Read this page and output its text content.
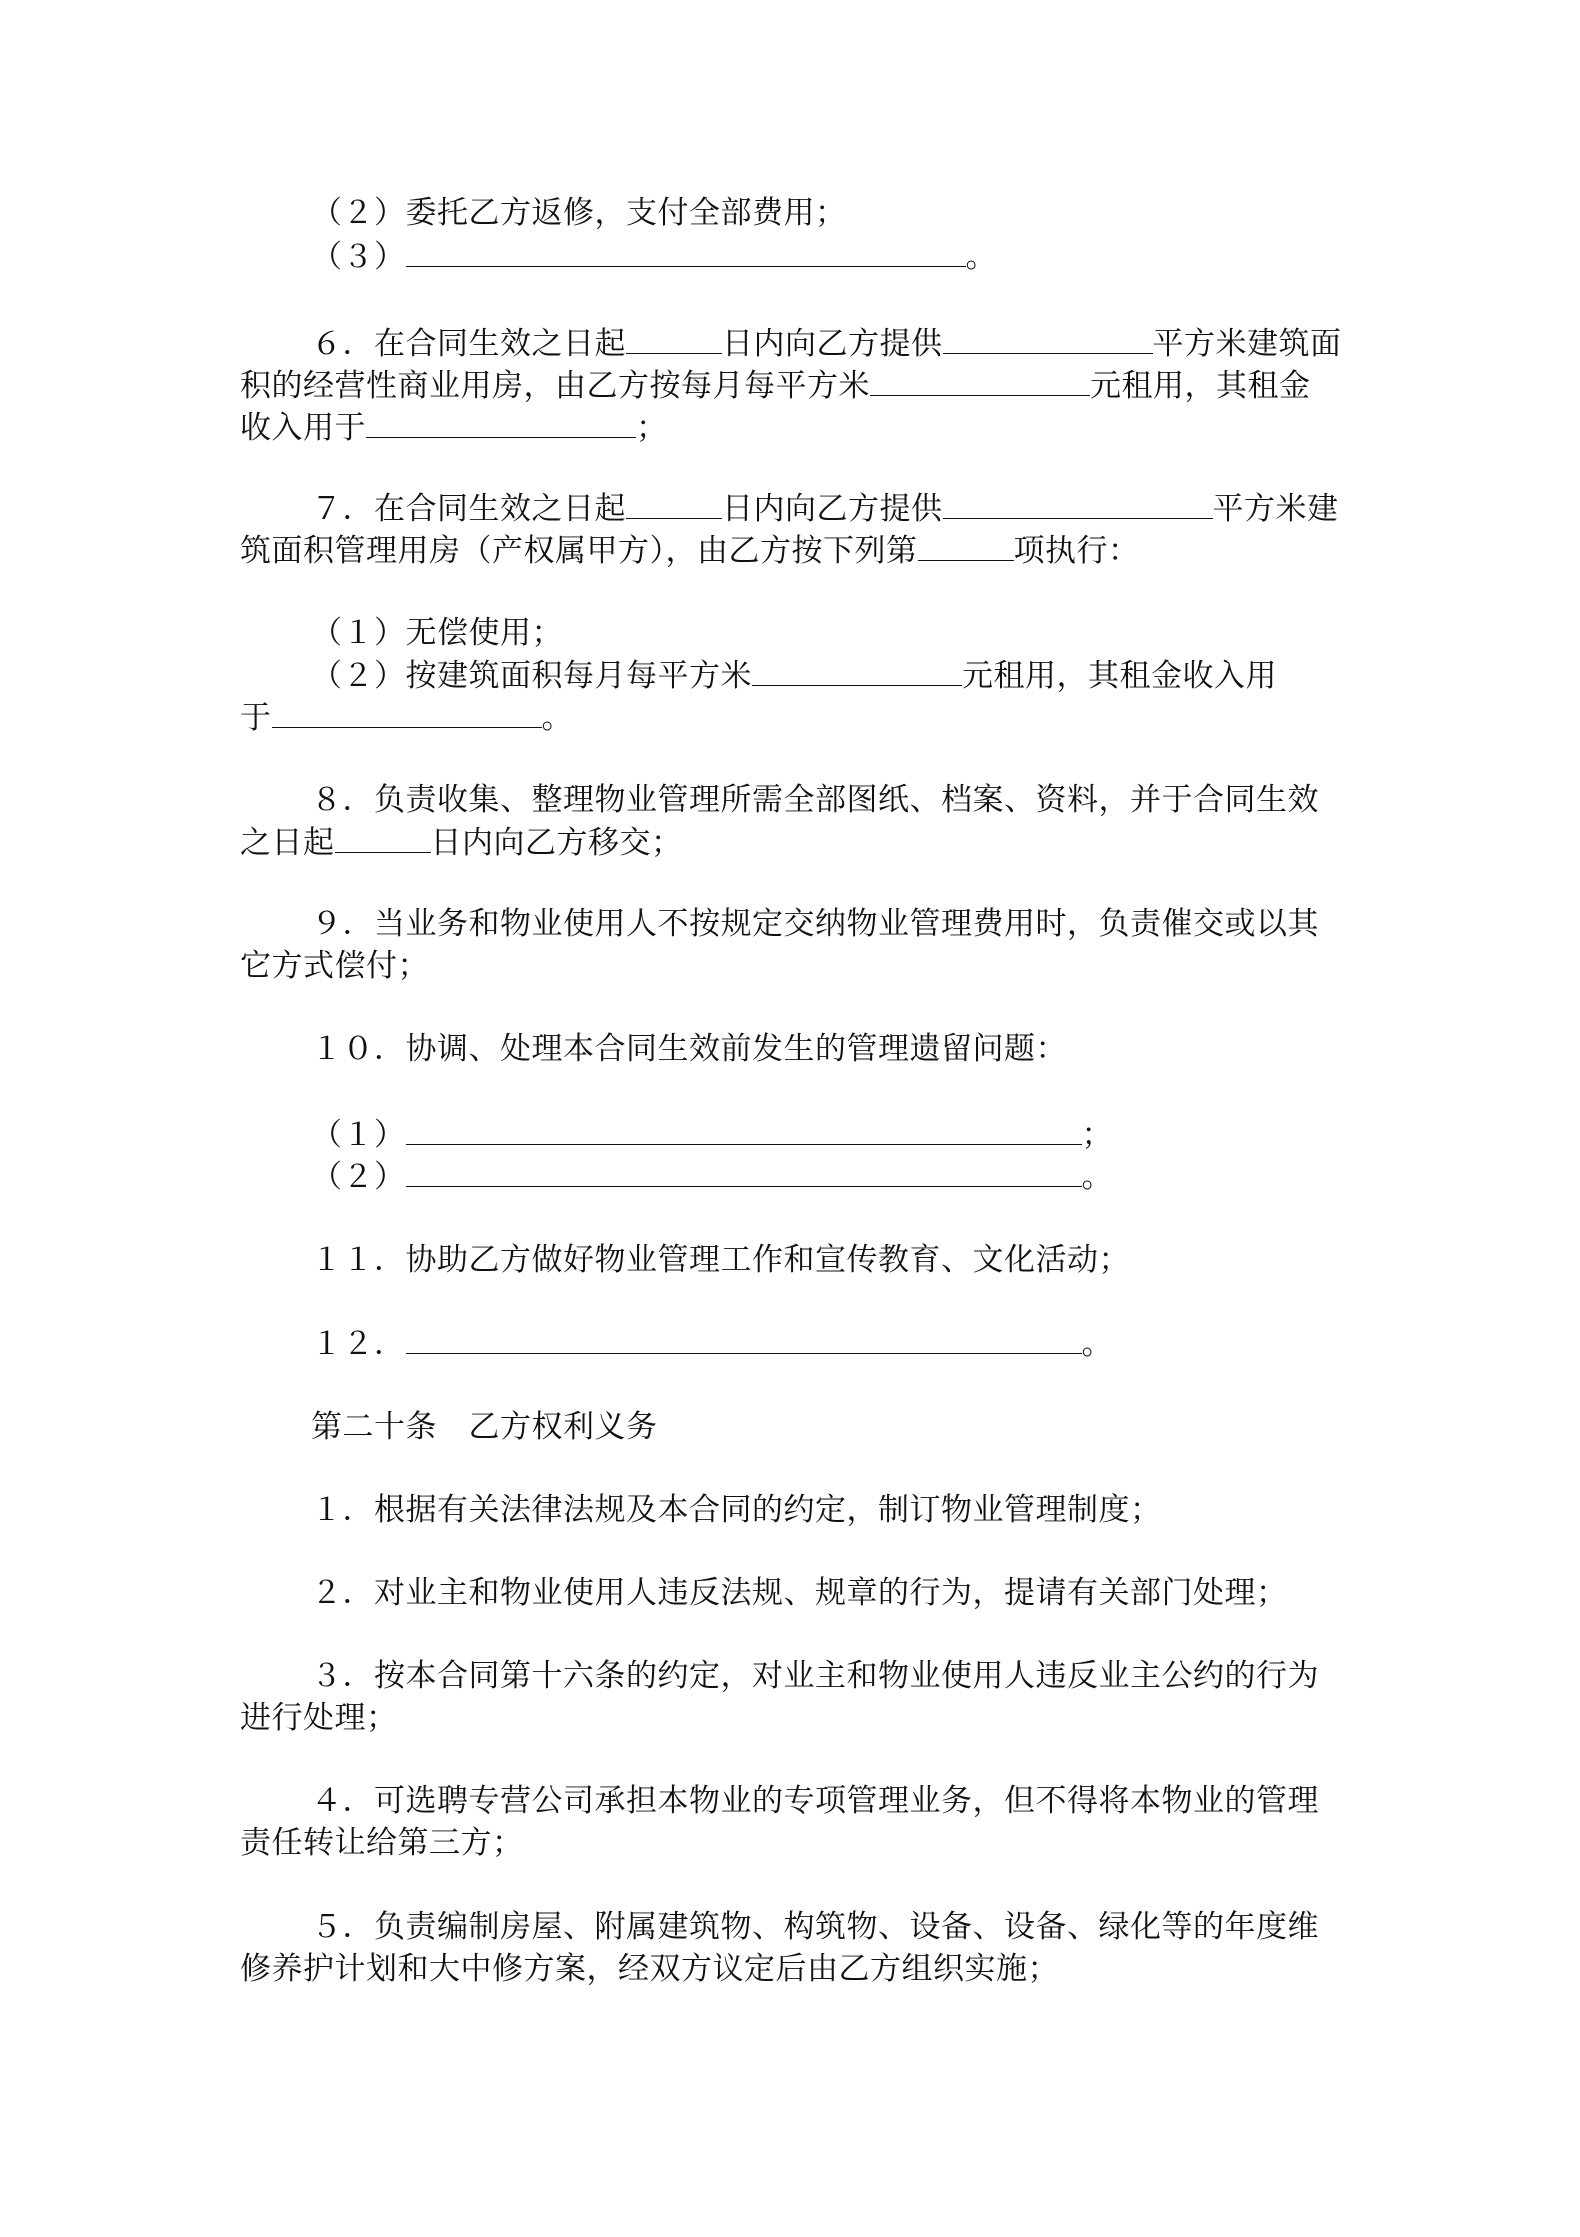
（２）委托乙方返修，支付全部费用；
（３）	。
６．在合同生效之日起	日内向乙方提供	平方米建筑面
积的经营性商业用房，由乙方按每月每平方米	元租用，其租金
收入用于	；
７．在合同生效之日起	日内向乙方提供	平方米建
筑面积管理用房（产权属甲方），由乙方按下列第	项执行：
（１）无偿使用；
（２）按建筑面积每月每平方米	元租用，其租金收入用
于	。
８．负责收集、整理物业管理所需全部图纸、档案、资料，并于合同生效
之日起	日内向乙方移交；
９．当业务和物业使用人不按规定交纳物业管理费用时，负责催交或以其
它方式偿付；
１０．协调、处理本合同生效前发生的管理遗留问题：
（１）	；
（２）	。
１１．协助乙方做好物业管理工作和宣传教育、文化活动；
１２．	。
第二十条　乙方权利义务
１．根据有关法律法规及本合同的约定，制订物业管理制度；
２．对业主和物业使用人违反法规、规章的行为，提请有关部门处理；
３．按本合同第十六条的约定，对业主和物业使用人违反业主公约的行为
进行处理；
４．可选聘专营公司承担本物业的专项管理业务，但不得将本物业的管理
责任转让给第三方；
５．负责编制房屋、附属建筑物、构筑物、设备、设备、绿化等的年度维
修养护计划和大中修方案，经双方议定后由乙方组织实施；
